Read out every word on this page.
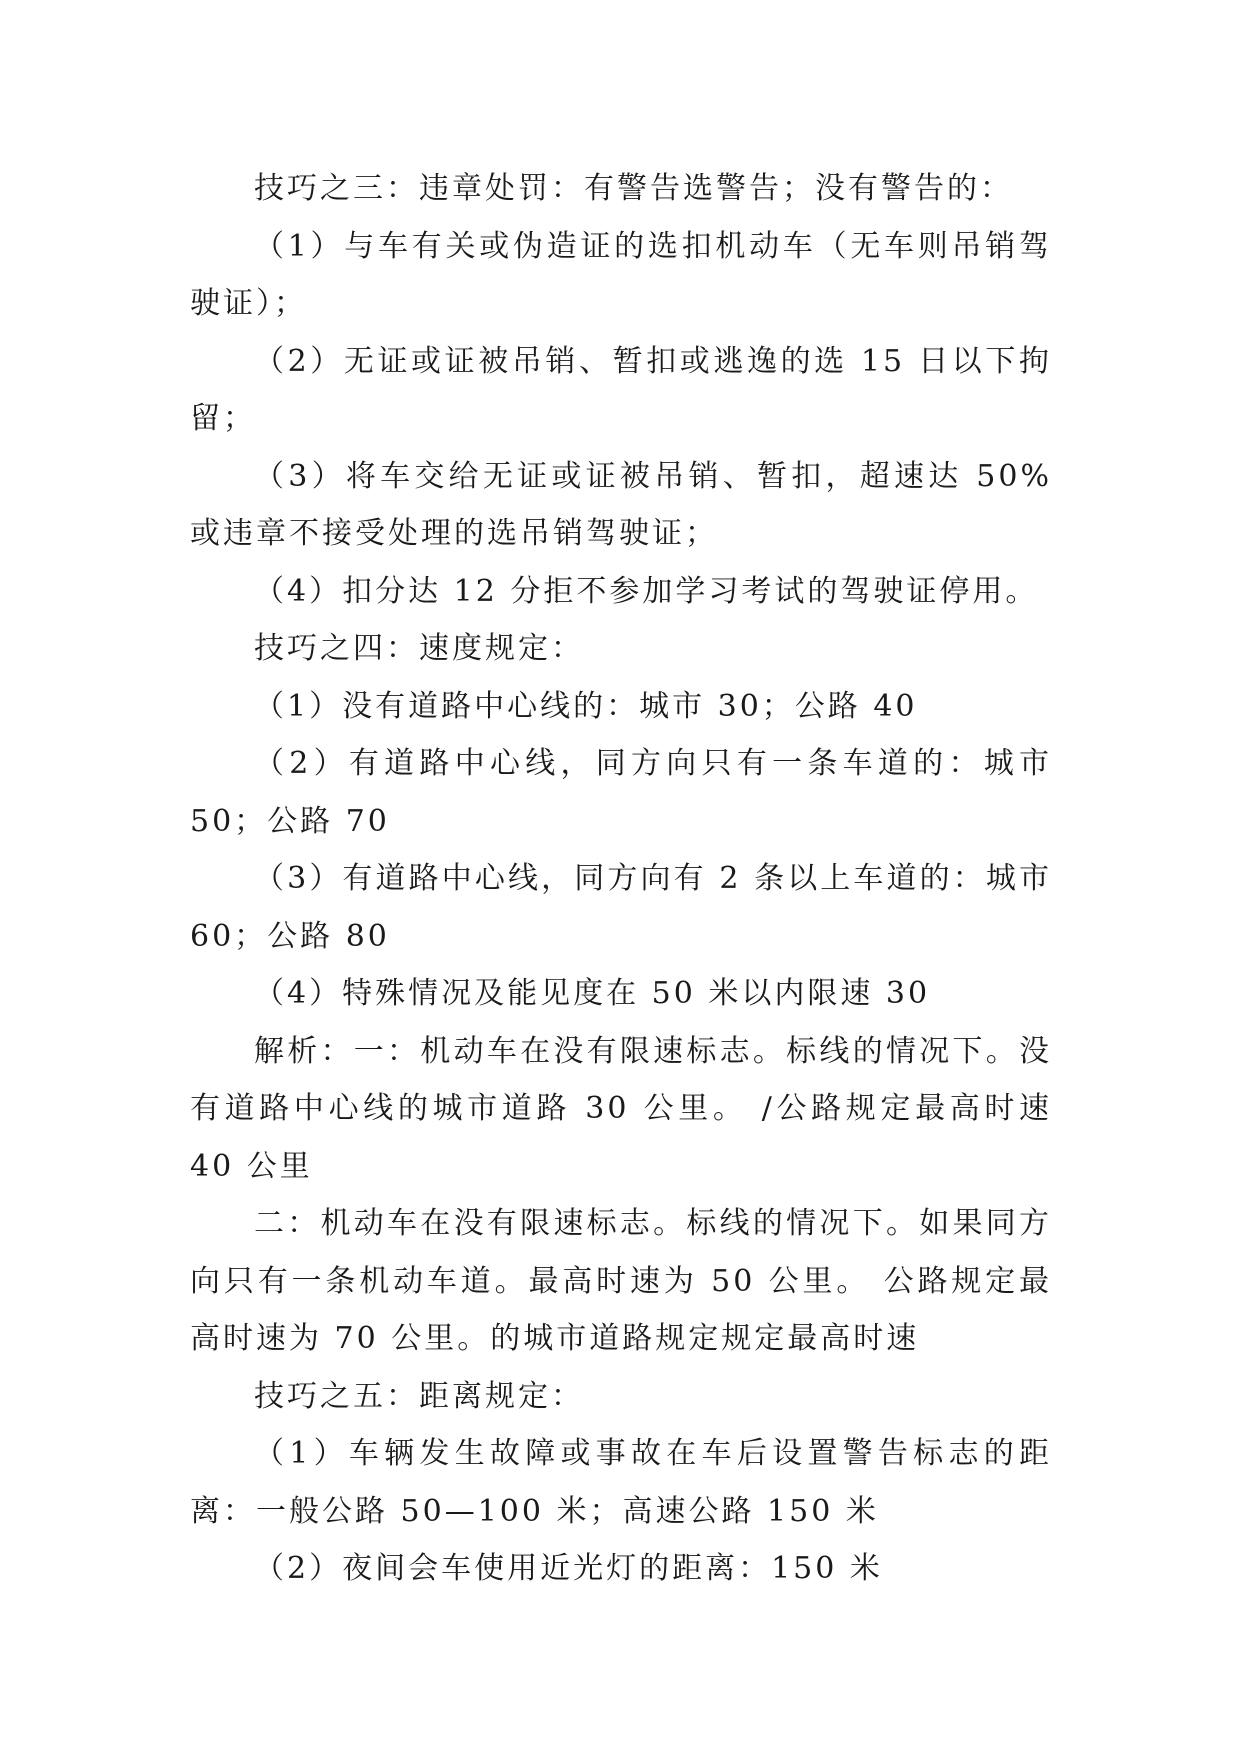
技巧之三：违章处罚：有警告选警告；没有警告的：

（1）与车有关或伪造证的选扣机动车（无车则吊销驾驶证）；

（2）无证或证被吊销、暂扣或逃逸的选 15 日以下拘留；

（3）将车交给无证或证被吊销、暂扣，超速达 50%或违章不接受处理的选吊销驾驶证；

（4）扣分达 12 分拒不参加学习考试的驾驶证停用。

技巧之四：速度规定：

（1）没有道路中心线的：城市 30；公路 40

（2）有道路中心线，同方向只有一条车道的：城市 50；公路 70

（3）有道路中心线，同方向有 2 条以上车道的：城市 60；公路 80

（4）特殊情况及能见度在 50 米以内限速 30

解析：一：机动车在没有限速标志。标线的情况下。没有道路中心线的城市道路 30 公里。 /公路规定最高时速 40 公里

二：机动车在没有限速标志。标线的情况下。如果同方向只有一条机动车道。最高时速为 50 公里。 公路规定最高时速为 70 公里。的城市道路规定规定最高时速

技巧之五：距离规定：

（1）车辆发生故障或事故在车后设置警告标志的距离：一般公路 50—100 米；高速公路 150 米

（2）夜间会车使用近光灯的距离：150 米
